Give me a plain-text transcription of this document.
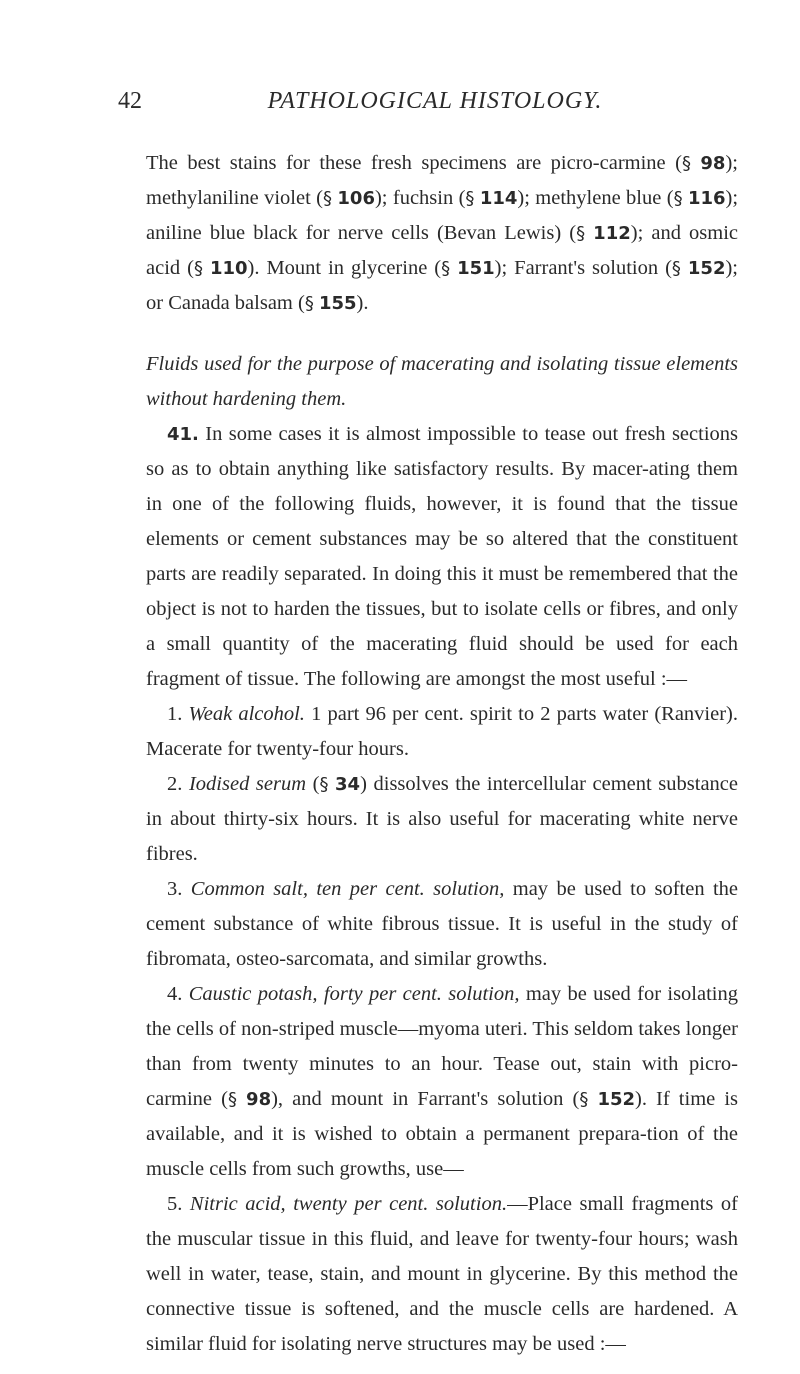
42	PATHOLOGICAL HISTOLOGY.

The best stains for these fresh specimens are picro-carmine (§ 98); methylaniline violet (§ 106); fuchsin (§ 114); methylene blue (§ 116); aniline blue black for nerve cells (Bevan Lewis) (§ 112); and osmic acid (§ 110). Mount in glycerine (§ 151); Farrant's solution (§ 152); or Canada balsam (§ 155).

Fluids used for the purpose of macerating and isolating tissue elements without hardening them.

41. In some cases it is almost impossible to tease out fresh sections so as to obtain anything like satisfactory results. By macer-ating them in one of the following fluids, however, it is found that the tissue elements or cement substances may be so altered that the constituent parts are readily separated. In doing this it must be remembered that the object is not to harden the tissues, but to isolate cells or fibres, and only a small quantity of the macerating fluid should be used for each fragment of tissue. The following are amongst the most useful :—

1. Weak alcohol. 1 part 96 per cent. spirit to 2 parts water (Ranvier). Macerate for twenty-four hours.

2. Iodised serum (§ 34) dissolves the intercellular cement substance in about thirty-six hours. It is also useful for macerating white nerve fibres.

3. Common salt, ten per cent. solution, may be used to soften the cement substance of white fibrous tissue. It is useful in the study of fibromata, osteo-sarcomata, and similar growths.

4. Caustic potash, forty per cent. solution, may be used for isolating the cells of non-striped muscle—myoma uteri. This seldom takes longer than from twenty minutes to an hour. Tease out, stain with picro-carmine (§ 98), and mount in Farrant's solution (§ 152). If time is available, and it is wished to obtain a permanent prepara-tion of the muscle cells from such growths, use—

5. Nitric acid, twenty per cent. solution.—Place small fragments of the muscular tissue in this fluid, and leave for twenty-four hours; wash well in water, tease, stain, and mount in glycerine. By this method the connective tissue is softened, and the muscle cells are hardened. A similar fluid for isolating nerve structures may be used :—
